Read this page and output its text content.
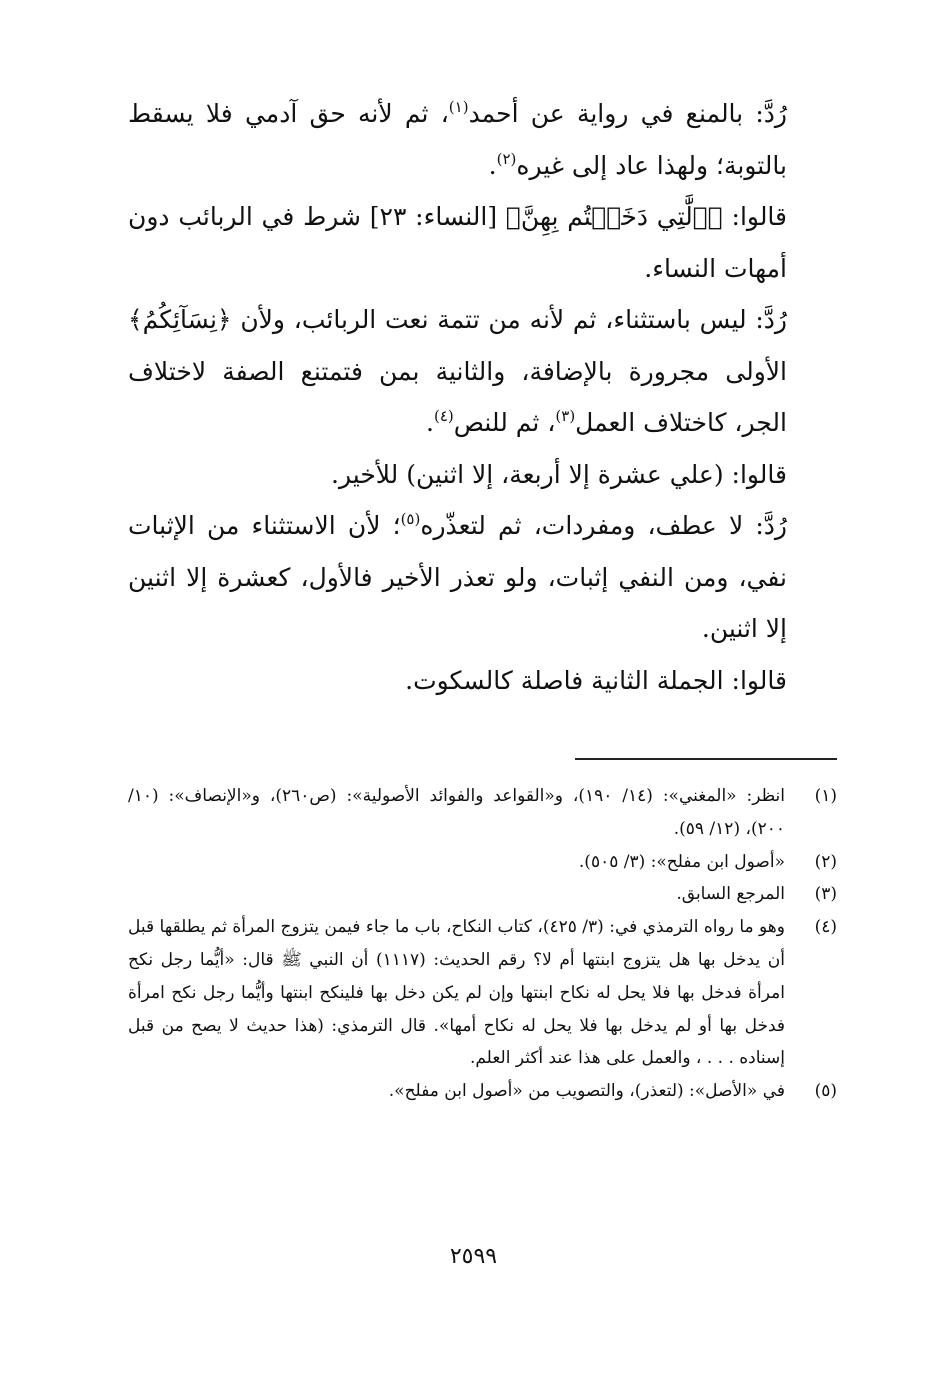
رُدَّ: بالمنع في رواية عن أحمد$^{(١)}$، ثم لأنه حق آدمي فلا يسقط بالتوبة؛ ولهذا عاد إلى غيره$^{(٢)}$.

قالوا: ﴿ٱلَّٰتِي دَخَلۡتُم بِهِنَّ﴾ [النساء: ٢٣] شرط في الربائب دون أمهات النساء.

رُدَّ: ليس باستثناء، ثم لأنه من تتمة نعت الربائب، ولأن ﴿نِسَآئِكُمُ﴾ الأولى مجرورة بالإضافة، والثانية بمن فتمتنع الصفة لاختلاف الجر، كاختلاف العمل$^{(٣)}$، ثم للنص$^{(٤)}$.

قالوا: (علي عشرة إلا أربعة، إلا اثنين) للأخير.

رُدَّ: لا عطف، ومفردات، ثم لتعذّره$^{(٥)}$؛ لأن الاستثناء من الإثبات نفي، ومن النفي إثبات، ولو تعذر الأخير فالأول، كعشرة إلا اثنين إلا اثنين.

قالوا: الجملة الثانية فاصلة كالسكوت.

(١)
انظر: «المغني»: (١٤/ ١٩٠)، و«القواعد والفوائد الأصولية»: (ص٢٦٠)، و«الإنصاف»: (١٠/ ٢٠٠)، (١٢/ ٥٩).
(٢)
«أصول ابن مفلح»: (٣/ ٥٠٥).
(٣)
المرجع السابق.
(٤)
وهو ما رواه الترمذي في: (٣/ ٤٢٥)، كتاب النكاح، باب ما جاء فيمن يتزوج المرأة ثم يطلقها قبل أن يدخل بها هل يتزوج ابنتها أم لا؟ رقم الحديث: (١١١٧) أن النبي ﷺ قال: «أيُّما رجل نكح امرأة فدخل بها فلا يحل له نكاح ابنتها وإن لم يكن دخل بها فلينكح ابنتها وأيُّما رجل نكح امرأة فدخل بها أو لم يدخل بها فلا يحل له نكاح أمها». قال الترمذي: (هذا حديث لا يصح من قبل إسناده . . . ، والعمل على هذا عند أكثر العلم.
(٥)
في «الأصل»: (لتعذر)، والتصويب من «أصول ابن مفلح».
٢٥٩٩
